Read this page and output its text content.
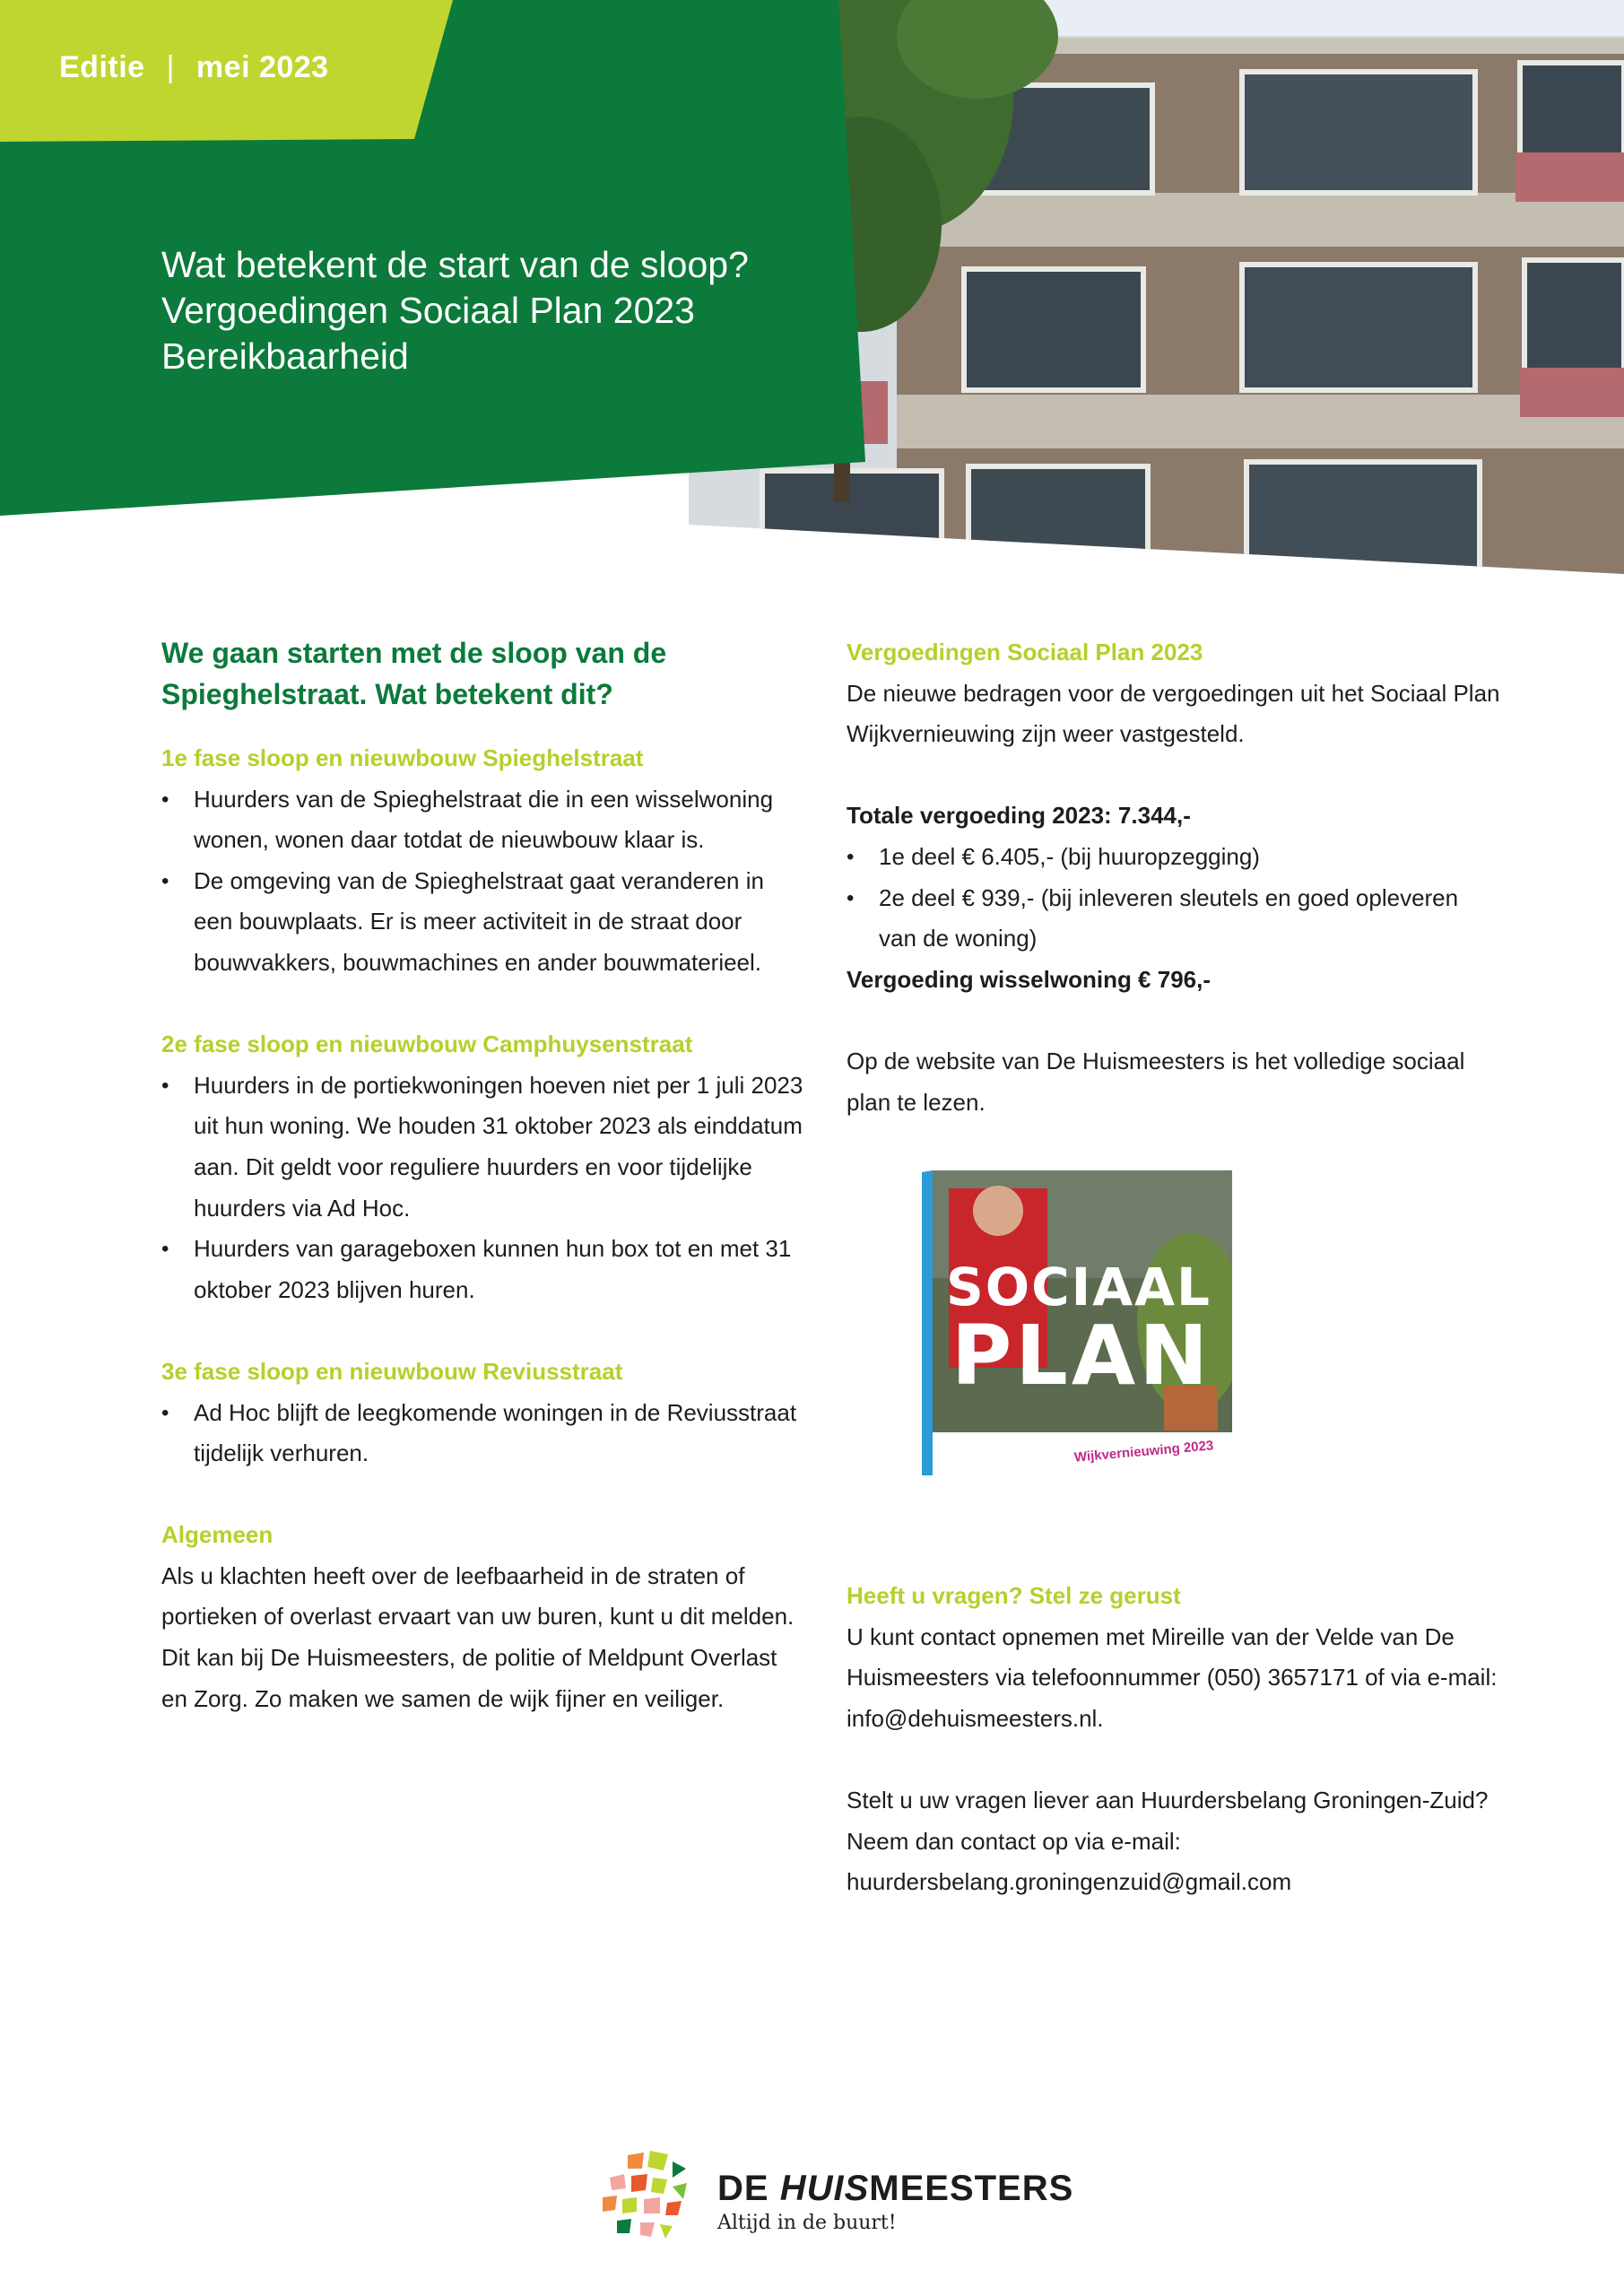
Editie | mei 2023
Wat betekent de start van de sloop?
Vergoedingen Sociaal Plan 2023
Bereikbaarheid
We gaan starten met de sloop van de Spieghelstraat. Wat betekent dit?

1e fase sloop en nieuwbouw Spieghelstraat

• Huurders van de Spieghelstraat die in een wisselwoning wonen, wonen daar totdat de nieuwbouw klaar is.
• De omgeving van de Spieghelstraat gaat veranderen in een bouwplaats. Er is meer activiteit in de straat door bouwvakkers, bouwmachines en ander bouwmaterieel.

2e fase sloop en nieuwbouw Camphuysenstraat

• Huurders in de portiekwoningen hoeven niet per 1 juli 2023 uit hun woning. We houden 31 oktober 2023 als einddatum aan. Dit geldt voor reguliere huurders en voor tijdelijke huurders via Ad Hoc.
• Huurders van garageboxen kunnen hun box tot en met 31 oktober 2023 blijven huren.

3e fase sloop en nieuwbouw Reviusstraat

• Ad Hoc blijft de leegkomende woningen in de Reviusstraat tijdelijk verhuren.

Algemeen

Als u klachten heeft over de leefbaarheid in de straten of portieken of overlast ervaart van uw buren, kunt u dit melden. Dit kan bij De Huismeesters, de politie of Meldpunt Overlast en Zorg. Zo maken we samen de wijk fijner en veiliger.

Vergoedingen Sociaal Plan 2023

De nieuwe bedragen voor de vergoedingen uit het Sociaal Plan Wijkvernieuwing zijn weer vastgesteld.

Totale vergoeding 2023: 7.344,-

• 1e deel € 6.405,- (bij huuropzegging)
• 2e deel € 939,- (bij inleveren sleutels en goed opleveren van de woning)

Vergoeding wisselwoning € 796,-

Op de website van De Huismeesters is het volledige sociaal plan te lezen.

Heeft u vragen? Stel ze gerust

U kunt contact opnemen met Mireille van der Velde van De Huismeesters via telefoonnummer (050) 3657171 of via e-mail: info@dehuismeesters.nl.

Stelt u uw vragen liever aan Huurdersbelang Groningen-Zuid? Neem dan contact op via e-mail:

huurdersbelang.groningenzuid@gmail.com

SOCIAAL
PLAN
Wijkvernieuwing 2023
DE HUISMEESTERS
Altijd in de buurt!
